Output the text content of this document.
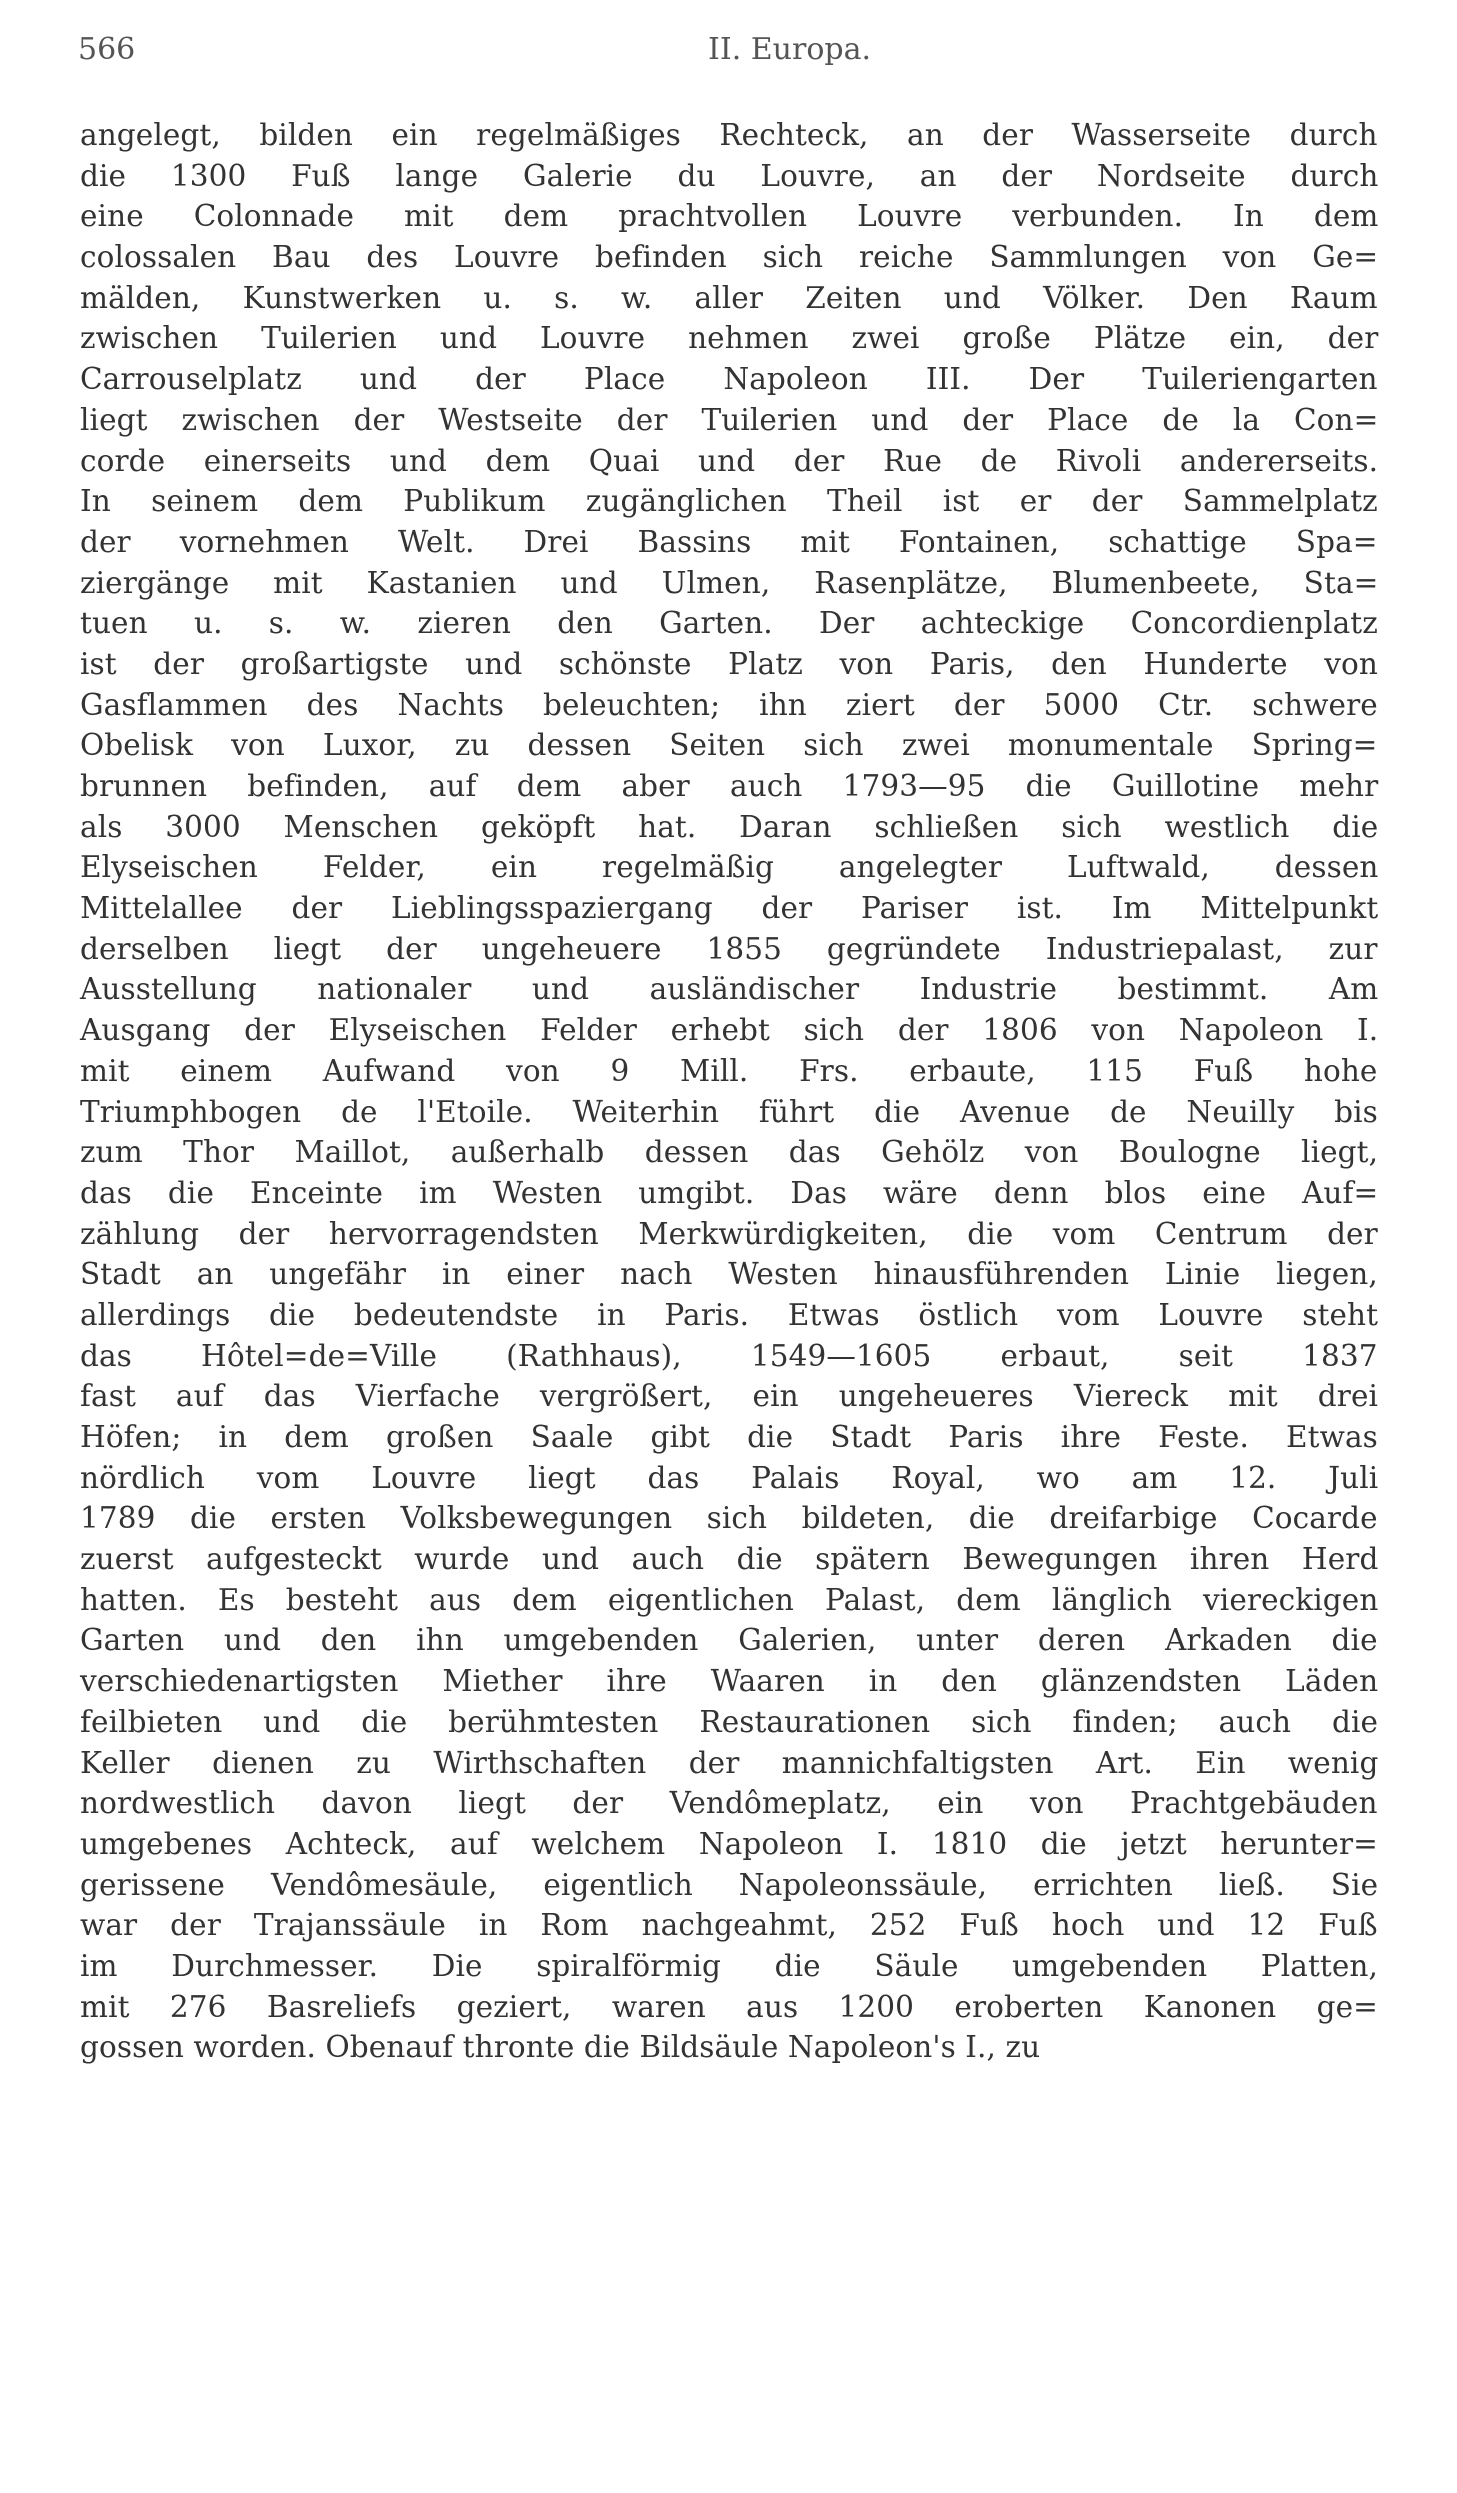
566	II. Europa.
angelegt, bilden ein regelmäßiges Rechteck, an der Wasserseite durch
die 1300 Fuß lange Galerie du Louvre, an der Nordseite durch
eine Colonnade mit dem prachtvollen Louvre verbunden. In dem
colossalen Bau des Louvre befinden sich reiche Sammlungen von Ge=
mälden, Kunstwerken u. s. w. aller Zeiten und Völker. Den Raum
zwischen Tuilerien und Louvre nehmen zwei große Plätze ein, der
Carrouselplatz und der Place Napoleon III. Der Tuileriengarten
liegt zwischen der Westseite der Tuilerien und der Place de la Con=
corde einerseits und dem Quai und der Rue de Rivoli andererseits.
In seinem dem Publikum zugänglichen Theil ist er der Sammelplatz
der vornehmen Welt. Drei Bassins mit Fontainen, schattige Spa=
ziergänge mit Kastanien und Ulmen, Rasenplätze, Blumenbeete, Sta=
tuen u. s. w. zieren den Garten. Der achteckige Concordienplatz
ist der großartigste und schönste Platz von Paris, den Hunderte von
Gasflammen des Nachts beleuchten; ihn ziert der 5000 Ctr. schwere
Obelisk von Luxor, zu dessen Seiten sich zwei monumentale Spring=
brunnen befinden, auf dem aber auch 1793—95 die Guillotine mehr
als 3000 Menschen geköpft hat. Daran schließen sich westlich die
Elyseischen Felder, ein regelmäßig angelegter Luftwald, dessen
Mittelallee der Lieblingsspaziergang der Pariser ist. Im Mittelpunkt
derselben liegt der ungeheuere 1855 gegründete Industriepalast, zur
Ausstellung nationaler und ausländischer Industrie bestimmt. Am
Ausgang der Elyseischen Felder erhebt sich der 1806 von Napoleon I.
mit einem Aufwand von 9 Mill. Frs. erbaute, 115 Fuß hohe
Triumphbogen de l'Etoile. Weiterhin führt die Avenue de Neuilly bis
zum Thor Maillot, außerhalb dessen das Gehölz von Boulogne liegt,
das die Enceinte im Westen umgibt. Das wäre denn blos eine Auf=
zählung der hervorragendsten Merkwürdigkeiten, die vom Centrum der
Stadt an ungefähr in einer nach Westen hinausführenden Linie liegen,
allerdings die bedeutendste in Paris. Etwas östlich vom Louvre steht
das Hôtel=de=Ville (Rathhaus), 1549—1605 erbaut, seit 1837
fast auf das Vierfache vergrößert, ein ungeheueres Viereck mit drei
Höfen; in dem großen Saale gibt die Stadt Paris ihre Feste. Etwas
nördlich vom Louvre liegt das Palais Royal, wo am 12. Juli
1789 die ersten Volksbewegungen sich bildeten, die dreifarbige Cocarde
zuerst aufgesteckt wurde und auch die spätern Bewegungen ihren Herd
hatten. Es besteht aus dem eigentlichen Palast, dem länglich viereckigen
Garten und den ihn umgebenden Galerien, unter deren Arkaden die
verschiedenartigsten Miether ihre Waaren in den glänzendsten Läden
feilbieten und die berühmtesten Restaurationen sich finden; auch die
Keller dienen zu Wirthschaften der mannichfaltigsten Art. Ein wenig
nordwestlich davon liegt der Vendômeplatz, ein von Prachtgebäuden
umgebenes Achteck, auf welchem Napoleon I. 1810 die jetzt herunter=
gerissene Vendômesäule, eigentlich Napoleonssäule, errichten ließ. Sie
war der Trajanssäule in Rom nachgeahmt, 252 Fuß hoch und 12 Fuß
im Durchmesser. Die spiralförmig die Säule umgebenden Platten,
mit 276 Basreliefs geziert, waren aus 1200 eroberten Kanonen ge=
gossen worden. Obenauf thronte die Bildsäule Napoleon's I., zu
